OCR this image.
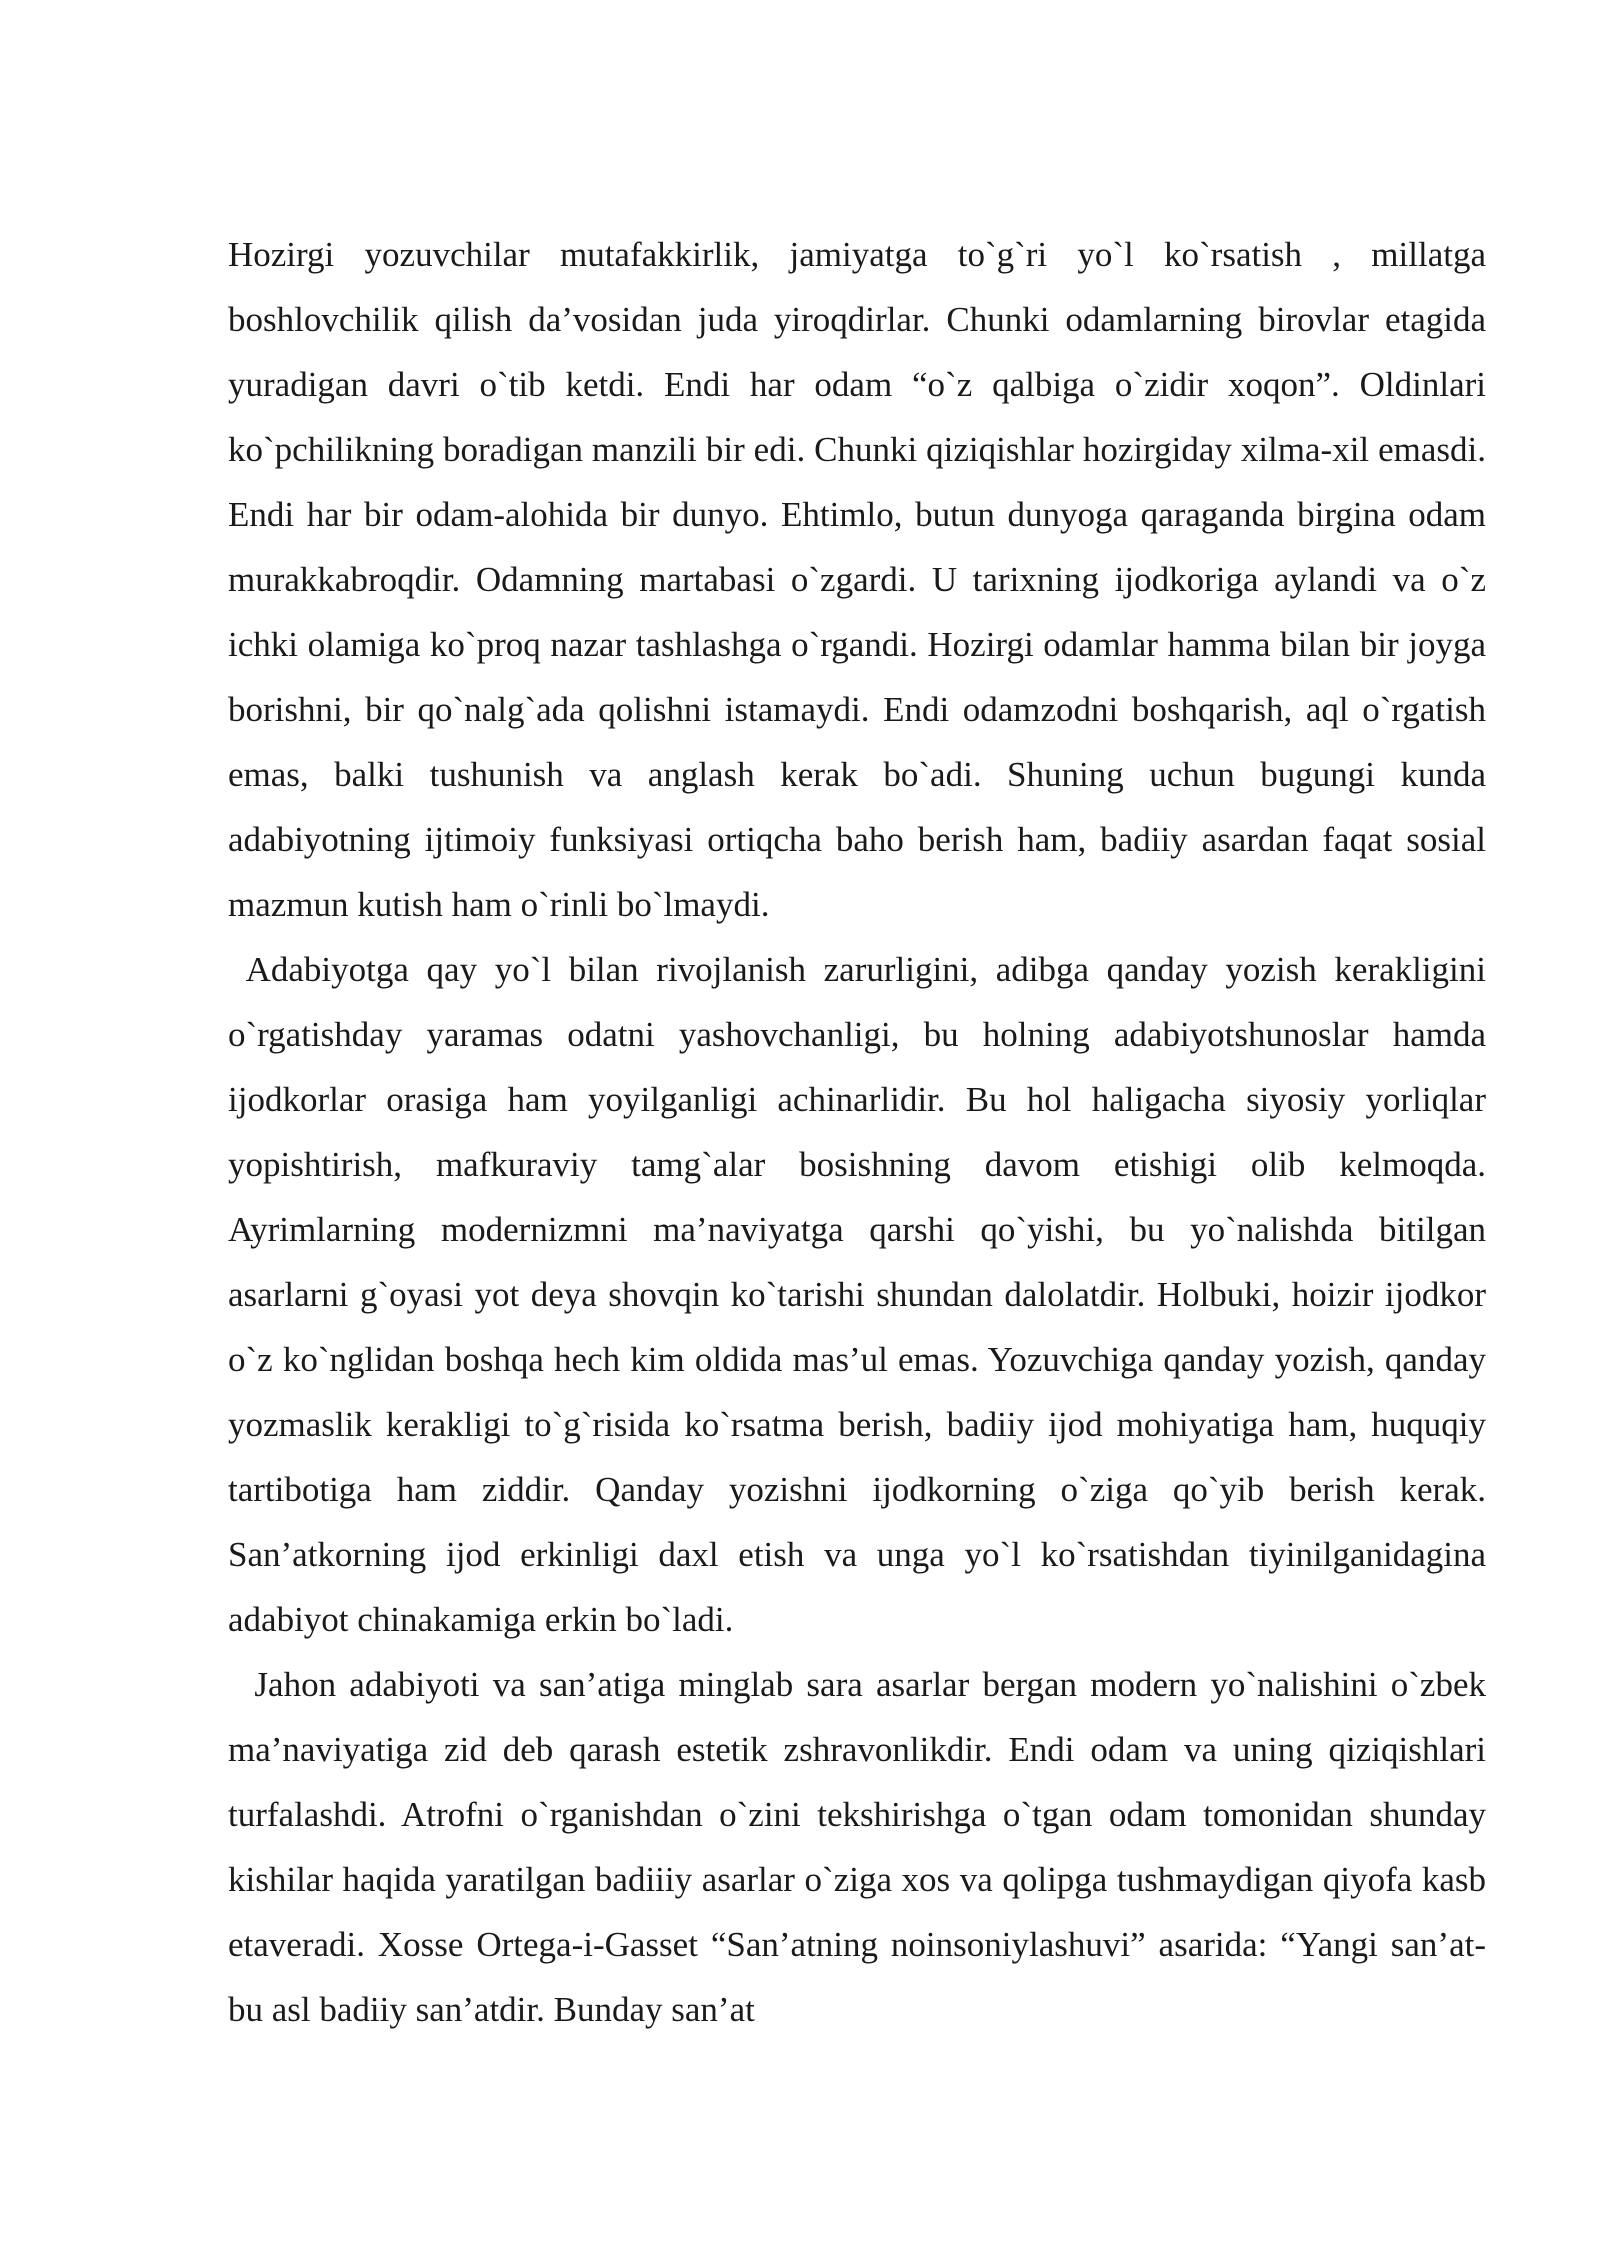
Hozirgi yozuvchilar mutafakkirlik, jamiyatga to`g`ri yo`l ko`rsatish , millatga boshlovchilik qilish da’vosidan juda yiroqdirlar. Chunki odamlarning birovlar etagida yuradigan davri o`tib ketdi. Endi har odam “o`z qalbiga o`zidir xoqon”. Oldinlari ko`pchilikning boradigan manzili bir edi. Chunki qiziqishlar hozirgiday xilma-xil emasdi. Endi har bir odam-alohida bir dunyo. Ehtimlo, butun dunyoga qaraganda birgina odam murakkabroqdir. Odamning martabasi o`zgardi. U tarixning ijodkoriga aylandi va o`z ichki olamiga ko`proq nazar tashlashga o`rgandi. Hozirgi odamlar hamma bilan bir joyga borishni, bir qo`nalg`ada qolishni istamaydi. Endi odamzodni boshqarish, aql o`rgatish emas, balki tushunish va anglash kerak bo`adi. Shuning uchun bugungi kunda adabiyotning ijtimoiy funksiyasi ortiqcha baho berish ham, badiiy asardan faqat sosial mazmun kutish ham o`rinli bo`lmaydi.

Adabiyotga qay yo`l bilan rivojlanish zarurligini, adibga qanday yozish kerakligini o`rgatishday yaramas odatni yashovchanligi, bu holning adabiyotshunoslar hamda ijodkorlar orasiga ham yoyilganligi achinarlidir. Bu hol haligacha siyosiy yorliqlar yopishtirish, mafkuraviy tamg`alar bosishning davom etishigi olib kelmoqda. Ayrimlarning modernizmni ma’naviyatga qarshi qo`yishi, bu yo`nalishda bitilgan asarlarni g`oyasi yot deya shovqin ko`tarishi shundan dalolatdir. Holbuki, hoizir ijodkor o`z ko`nglidan boshqa hech kim oldida mas’ul emas. Yozuvchiga qanday yozish, qanday yozmaslik kerakligi to`g`risida ko`rsatma berish, badiiy ijod mohiyatiga ham, huquqiy tartibotiga ham ziddir. Qanday yozishni ijodkorning o`ziga qo`yib berish kerak. San’atkorning ijod erkinligi daxl etish va unga yo`l ko`rsatishdan tiyinilganidagina adabiyot chinakamiga erkin bo`ladi.

Jahon adabiyoti va san’atiga minglab sara asarlar bergan modern yo`nalishini o`zbek ma’naviyatiga zid deb qarash estetik zshravonlikdir. Endi odam va uning qiziqishlari turfalashdi. Atrofni o`rganishdan o`zini tekshirishga o`tgan odam tomonidan shunday kishilar haqida yaratilgan badiiiy asarlar o`ziga xos va qolipga tushmaydigan qiyofa kasb etaveradi. Xosse Ortega-i-Gasset “San’atning noinsoniylashuvi” asarida: “Yangi san’at-bu asl badiiy san’atdir. Bunday san’at
